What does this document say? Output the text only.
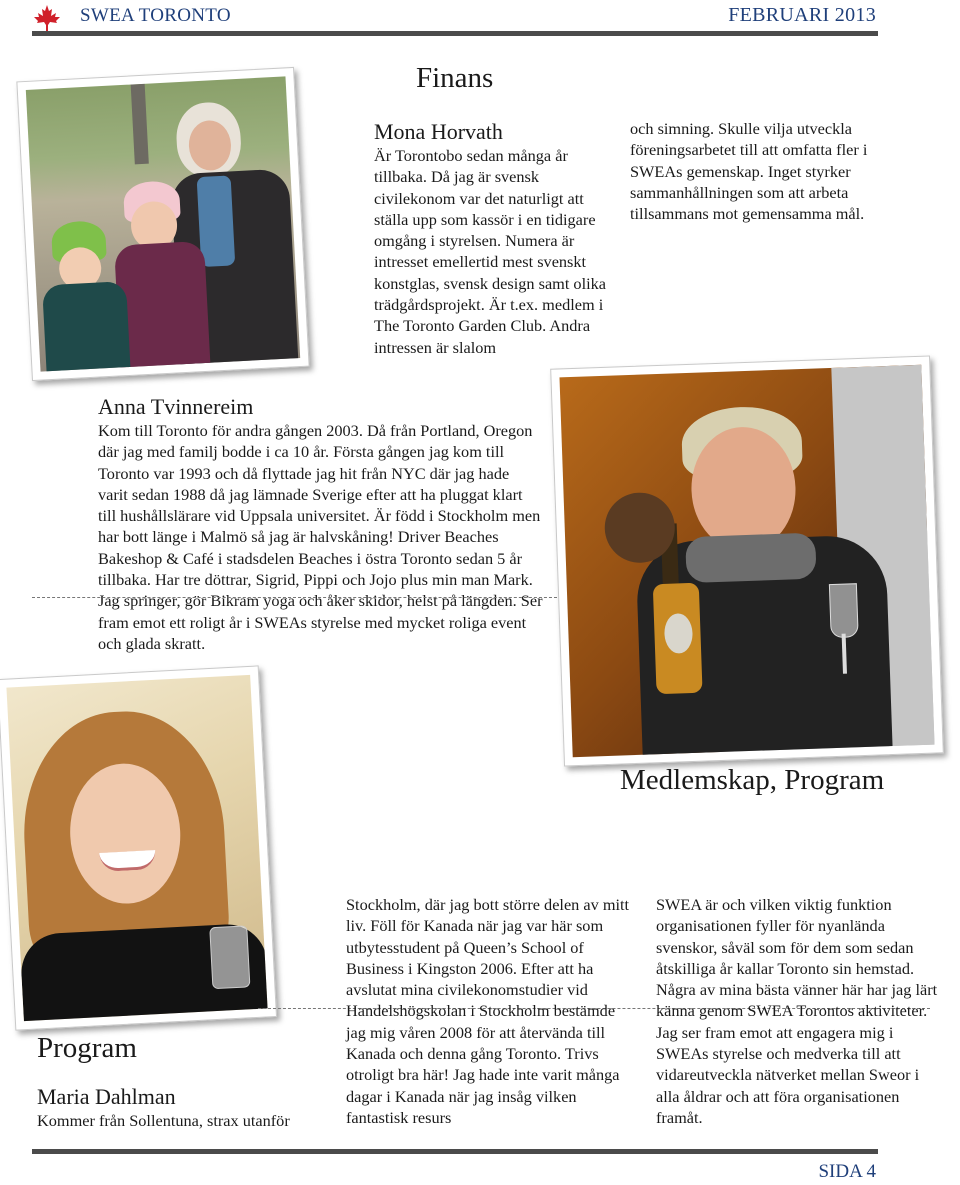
SWEA TORONTO	FEBRUARI 2013
Finans
Mona Horvath
Är Torontobo sedan många år tillbaka. Då jag är svensk civilekonom var det naturligt att ställa upp som kassör i en tidigare omgång i styrelsen. Numera är intresset emellertid mest svenskt konstglas, svensk design samt olika trädgårdsprojekt. Är t.ex. medlem i The Toronto Garden Club. Andra intressen är slalom
och simning. Skulle vilja utveckla föreningsarbetet till att omfatta fler i SWEAs gemenskap. Inget styrker sammanhållningen som att arbeta tillsammans mot gemensamma mål.
Anna Tvinnereim
Kom till Toronto för andra gången 2003. Då från Portland, Oregon där jag med familj bodde i ca 10 år. Första gången jag kom till Toronto var 1993 och då flyttade jag hit från NYC där jag hade varit sedan 1988 då jag lämnade Sverige efter att ha pluggat klart till hushållslärare vid Uppsala universitet. Är född i Stockholm men har bott länge i Malmö så jag är halvskåning! Driver Beaches Bakeshop & Café i stadsdelen Beaches i östra Toronto sedan 5 år tillbaka. Har tre döttrar, Sigrid, Pippi och Jojo plus min man Mark. Jag springer, gör Bikram yoga och åker skidor, helst på längden. Ser fram emot ett roligt år i SWEAs styrelse med mycket roliga event och glada skratt.
Medlemskap, Program
Program
Maria Dahlman
Kommer från Sollentuna, strax utanför
Stockholm, där jag bott större delen av mitt liv. Föll för Kanada när jag var här som utbytesstudent på Queen’s School of Business i Kingston 2006. Efter att ha avslutat mina civilekonomstudier vid Handelshögskolan i Stockholm bestämde jag mig våren 2008 för att återvända till Kanada och denna gång Toronto. Trivs otroligt bra här! Jag hade inte varit många dagar i Kanada när jag insåg vilken fantastisk resurs
SWEA är och vilken viktig funktion organisationen fyller för nyanlända svenskor, såväl som för dem som sedan åtskilliga år kallar Toronto sin hemstad. Några av mina bästa vänner här har jag lärt känna genom SWEA Torontos aktiviteter. Jag ser fram emot att engagera mig i SWEAs styrelse och medverka till att vidareutveckla nätverket mellan Sweor i alla åldrar och att föra organisationen framåt.
SIDA 4
